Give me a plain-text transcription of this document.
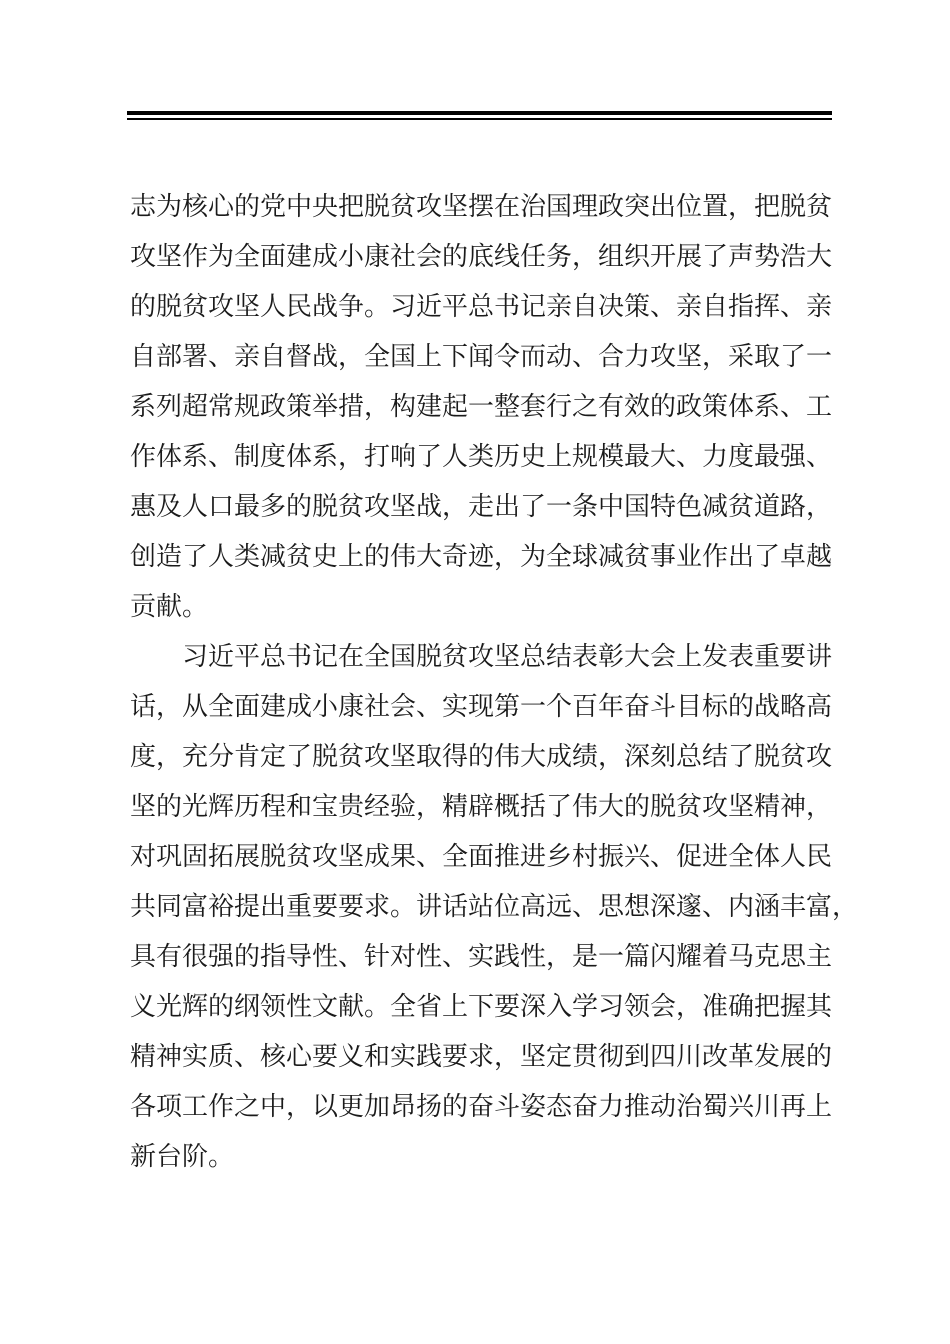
志为核心的党中央把脱贫攻坚摆在治国理政突出位置，把脱贫
攻坚作为全面建成小康社会的底线任务，组织开展了声势浩大
的脱贫攻坚人民战争。习近平总书记亲自决策、亲自指挥、亲
自部署、亲自督战，全国上下闻令而动、合力攻坚，采取了一
系列超常规政策举措，构建起一整套行之有效的政策体系、工
作体系、制度体系，打响了人类历史上规模最大、力度最强、
惠及人口最多的脱贫攻坚战，走出了一条中国特色减贫道路，
创造了人类减贫史上的伟大奇迹，为全球减贫事业作出了卓越
贡献。
习近平总书记在全国脱贫攻坚总结表彰大会上发表重要讲
话，从全面建成小康社会、实现第一个百年奋斗目标的战略高
度，充分肯定了脱贫攻坚取得的伟大成绩，深刻总结了脱贫攻
坚的光辉历程和宝贵经验，精辟概括了伟大的脱贫攻坚精神，
对巩固拓展脱贫攻坚成果、全面推进乡村振兴、促进全体人民
共同富裕提出重要要求。讲话站位高远、思想深邃、内涵丰富，
具有很强的指导性、针对性、实践性，是一篇闪耀着马克思主
义光辉的纲领性文献。全省上下要深入学习领会，准确把握其
精神实质、核心要义和实践要求，坚定贯彻到四川改革发展的
各项工作之中，以更加昂扬的奋斗姿态奋力推动治蜀兴川再上
新台阶。
